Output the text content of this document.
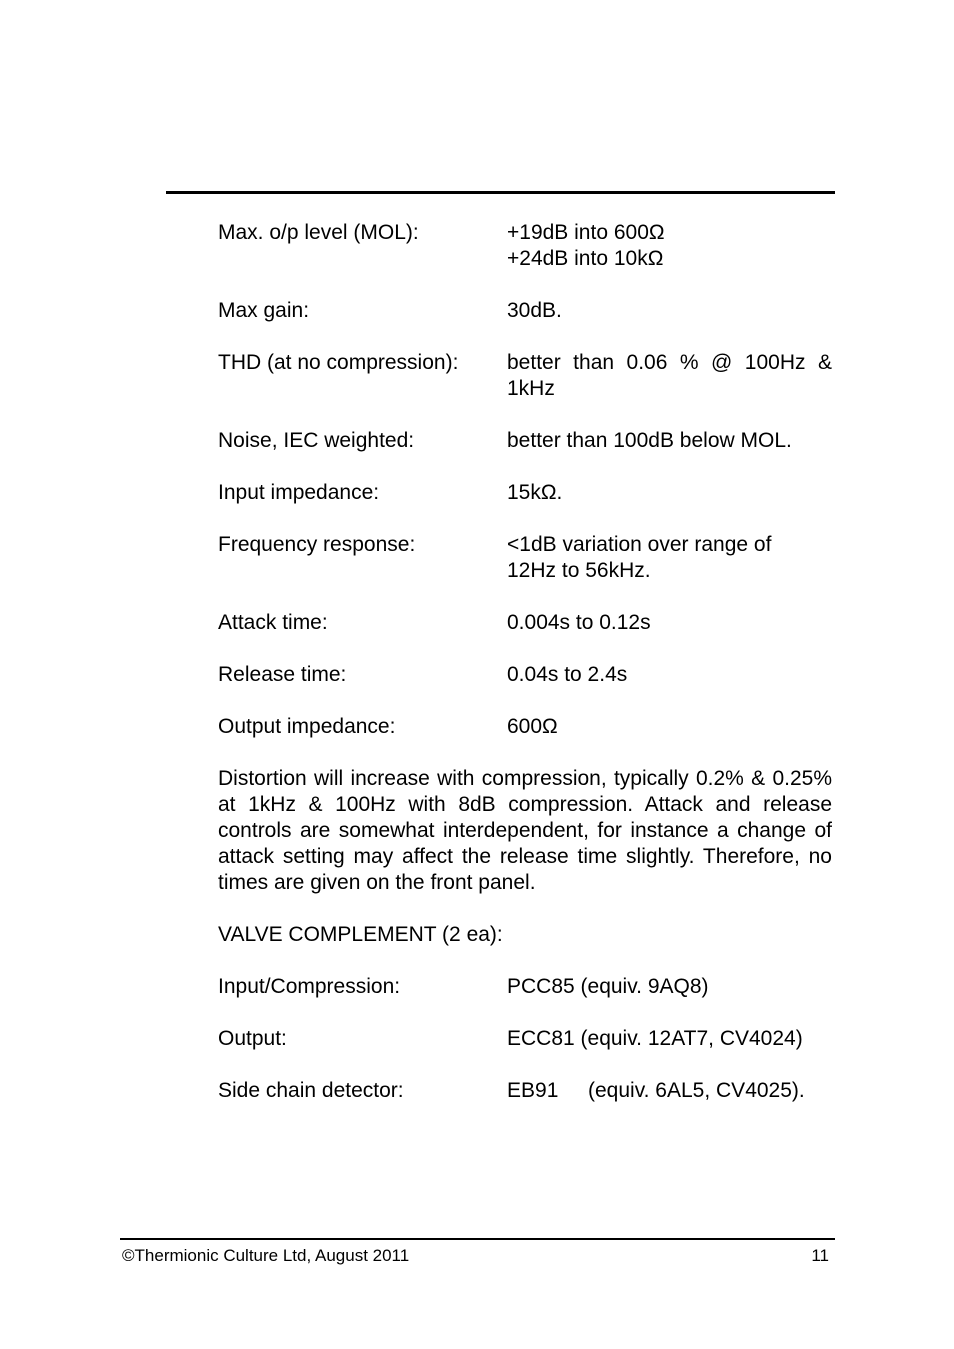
Max. o/p level (MOL):	+19dB into 600Ω
+24dB into 10kΩ
Max gain:	30dB.
THD (at no compression):	better than 0.06 % @ 100Hz & 1kHz
Noise, IEC weighted:	better than 100dB below MOL.
Input impedance:	15kΩ.
Frequency response:	<1dB variation over range of
12Hz to 56kHz.
Attack time:	0.004s to 0.12s
Release time:	0.04s to 2.4s
Output impedance:	600Ω
Distortion will increase with compression, typically 0.2% & 0.25% at 1kHz & 100Hz with 8dB compression. Attack and release controls are somewhat interdependent, for instance a change of attack setting may affect the release time slightly. Therefore, no times are given on the front panel.
VALVE COMPLEMENT (2 ea):
Input/Compression:	PCC85 (equiv. 9AQ8)
Output:	ECC81 (equiv. 12AT7, CV4024)
Side chain detector:	EB91 (equiv. 6AL5, CV4025).
©Thermionic Culture Ltd, August 2011	11
